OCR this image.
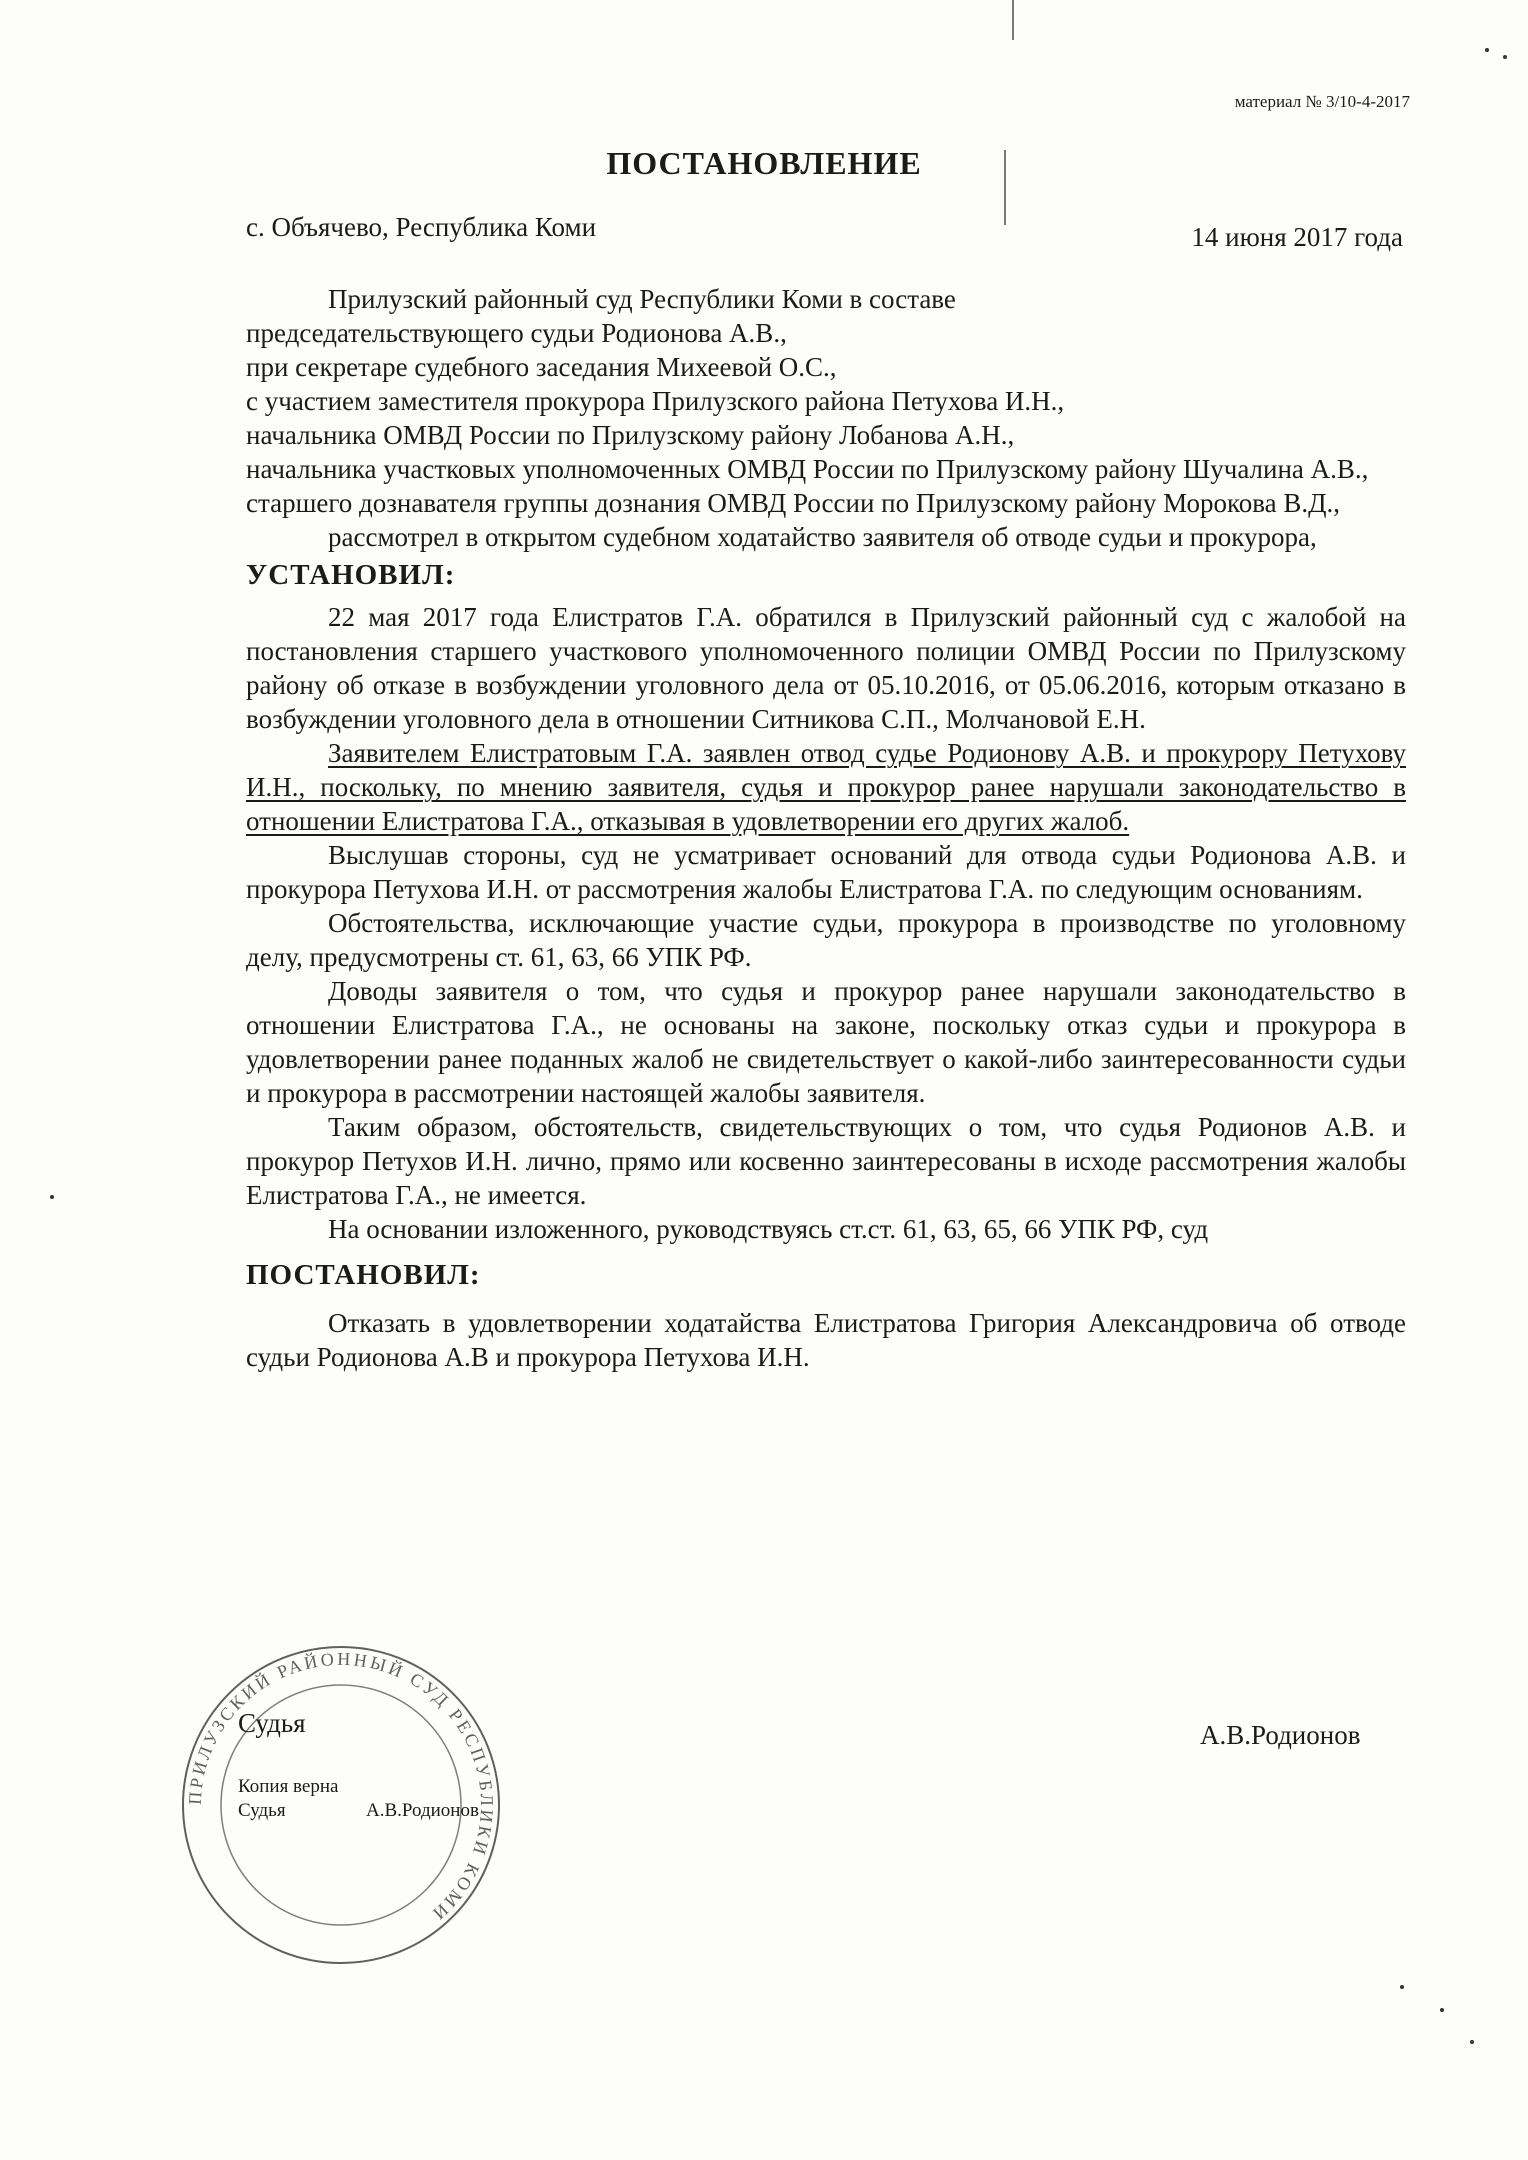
материал № 3/10-4-2017
ПОСТАНОВЛЕНИЕ
с. Объячево, Республика Коми	14 июня 2017 года

Прилузский районный суд Республики Коми в составе

председательствующего судьи Родионова А.В.,

при секретаре судебного заседания Михеевой О.С.,

с участием заместителя прокурора Прилузского района Петухова И.Н.,

начальника ОМВД России по Прилузскому району Лобанова А.Н.,

начальника участковых уполномоченных ОМВД России по Прилузскому району Шучалина А.В.,

старшего дознавателя группы дознания ОМВД России по Прилузскому району Морокова В.Д.,

рассмотрел в открытом судебном ходатайство заявителя об отводе судьи и прокурора,

УСТАНОВИЛ:

22 мая 2017 года Елистратов Г.А. обратился в Прилузский районный суд с жалобой на постановления старшего участкового уполномоченного полиции ОМВД России по Прилузскому району об отказе в возбуждении уголовного дела от 05.10.2016, от 05.06.2016, которым отказано в возбуждении уголовного дела в отношении Ситникова С.П., Молчановой Е.Н.

Заявителем Елистратовым Г.А. заявлен отвод судье Родионову А.В. и прокурору Петухову И.Н., поскольку, по мнению заявителя, судья и прокурор ранее нарушали законодательство в отношении Елистратова Г.А., отказывая в удовлетворении его других жалоб.

Выслушав стороны, суд не усматривает оснований для отвода судьи Родионова А.В. и прокурора Петухова И.Н. от рассмотрения жалобы Елистратова Г.А. по следующим основаниям.

Обстоятельства, исключающие участие судьи, прокурора в производстве по уголовному делу, предусмотрены ст. 61, 63, 66 УПК РФ.

Доводы заявителя о том, что судья и прокурор ранее нарушали законодательство в отношении Елистратова Г.А., не основаны на законе, поскольку отказ судьи и прокурора в удовлетворении ранее поданных жалоб не свидетельствует о какой-либо заинтересованности судьи и прокурора в рассмотрении настоящей жалобы заявителя.

Таким образом, обстоятельств, свидетельствующих о том, что судья Родионов А.В. и прокурор Петухов И.Н. лично, прямо или косвенно заинтересованы в исходе рассмотрения жалобы Елистратова Г.А., не имеется.

На основании изложенного, руководствуясь ст.ст. 61, 63, 65, 66 УПК РФ, суд

ПОСТАНОВИЛ:

Отказать в удовлетворении ходатайства Елистратова Григория Александровича об отводе судьи Родионова А.В и прокурора Петухова И.Н.

ПРИЛУЗСКИЙ РАЙОННЫЙ СУД РЕСПУБЛИКИ КОМИ
Судья	А.В.Родионов
Копия верна
Судья	А.В.Родионов
